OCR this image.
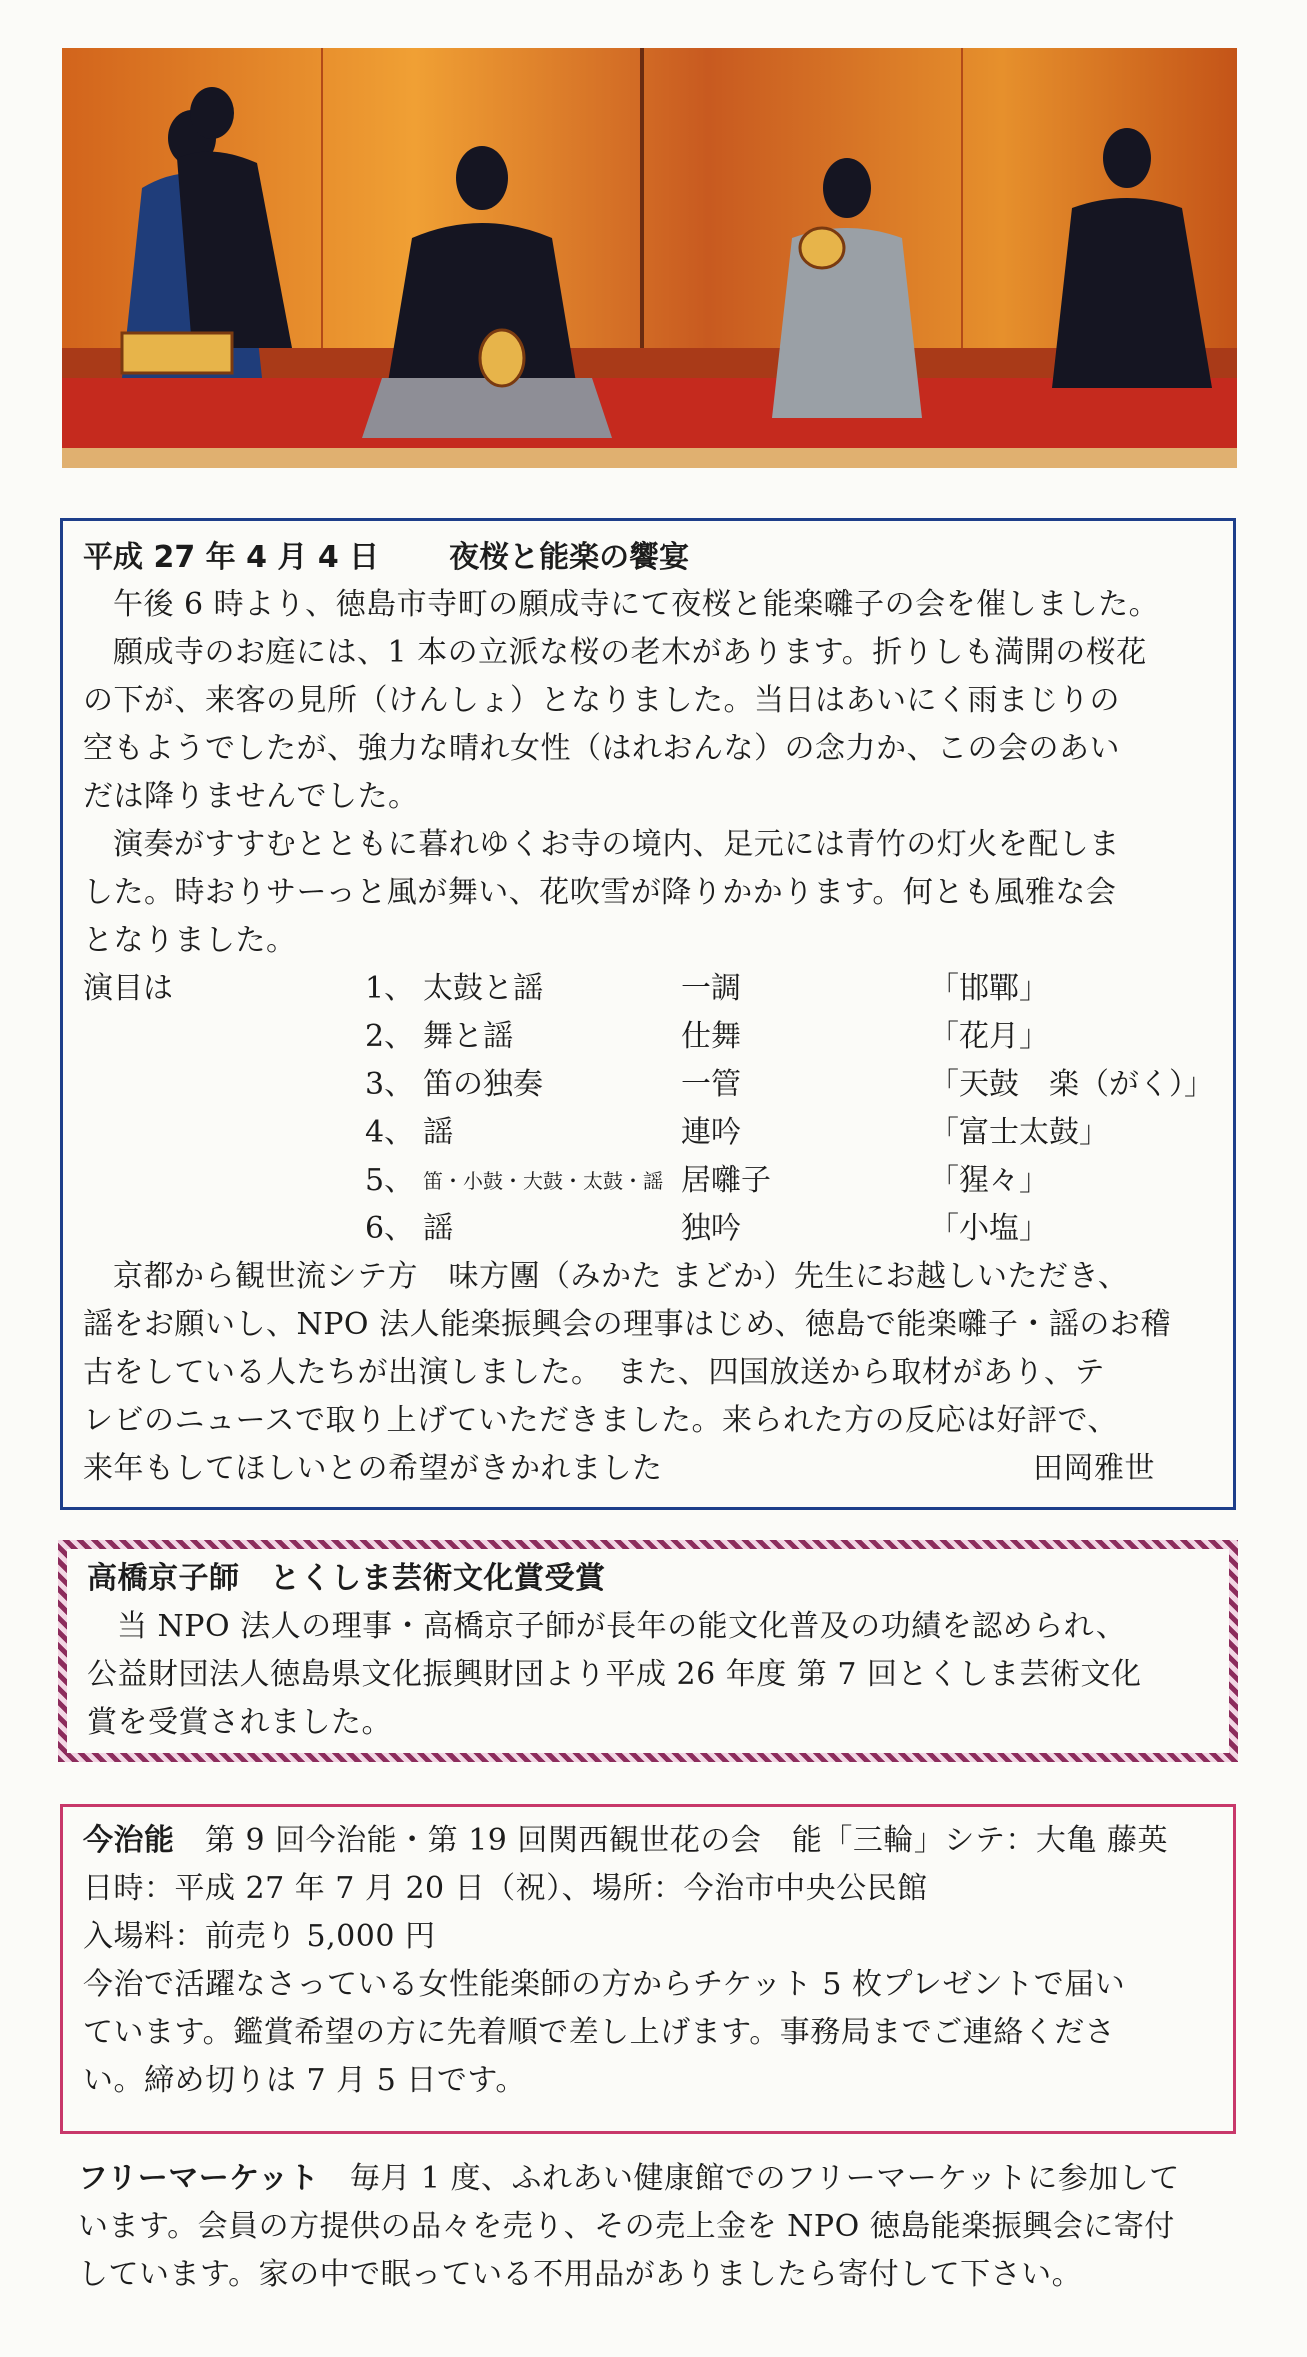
平成 27 年 4 月 4 日 夜桜と能楽の饗宴
午後 6 時より、徳島市寺町の願成寺にて夜桜と能楽囃子の会を催しました。
願成寺のお庭には、1 本の立派な桜の老木があります。折りしも満開の桜花
の下が、来客の見所（けんしょ）となりました。当日はあいにく雨まじりの
空もようでしたが、強力な晴れ女性（はれおんな）の念力か、この会のあい
だは降りませんでした。
演奏がすすむとともに暮れゆくお寺の境内、足元には青竹の灯火を配しま
した。時おりサーっと風が舞い、花吹雪が降りかかります。何とも風雅な会
となりました。
演目は	1、 太鼓と謡	一調	「邯鄲」
2、 舞と謡	仕舞	「花月」
3、 笛の独奏	一管	「天鼓　楽（がく）」
4、 謡	連吟	「富士太鼓」
5、 笛・小鼓・大鼓・太鼓・謡 居囃子	「猩々」
6、 謡	独吟	「小塩」
京都から観世流シテ方　味方團（みかた まどか）先生にお越しいただき、
謡をお願いし、NPO 法人能楽振興会の理事はじめ、徳島で能楽囃子・謡のお稽
古をしている人たちが出演しました。　また、四国放送から取材があり、テ
レビのニュースで取り上げていただきました。来られた方の反応は好評で、
来年もしてほしいとの希望がきかれました	田岡雅世
高橋京子師　とくしま芸術文化賞受賞
当 NPO 法人の理事・高橋京子師が長年の能文化普及の功績を認められ、
公益財団法人徳島県文化振興財団より平成 26 年度 第 7 回とくしま芸術文化
賞を受賞されました。
今治能　第 9 回今治能・第 19 回関西観世花の会　能「三輪」シテ：大亀 藤英
日時：平成 27 年 7 月 20 日（祝）、場所：今治市中央公民館
入場料：前売り 5,000 円
今治で活躍なさっている女性能楽師の方からチケット 5 枚プレゼントで届い
ています。鑑賞希望の方に先着順で差し上げます。事務局までご連絡くださ
い。締め切りは 7 月 5 日です。
フリーマーケット　毎月 1 度、ふれあい健康館でのフリーマーケットに参加して
います。会員の方提供の品々を売り、その売上金を NPO 徳島能楽振興会に寄付
しています。家の中で眠っている不用品がありましたら寄付して下さい。
